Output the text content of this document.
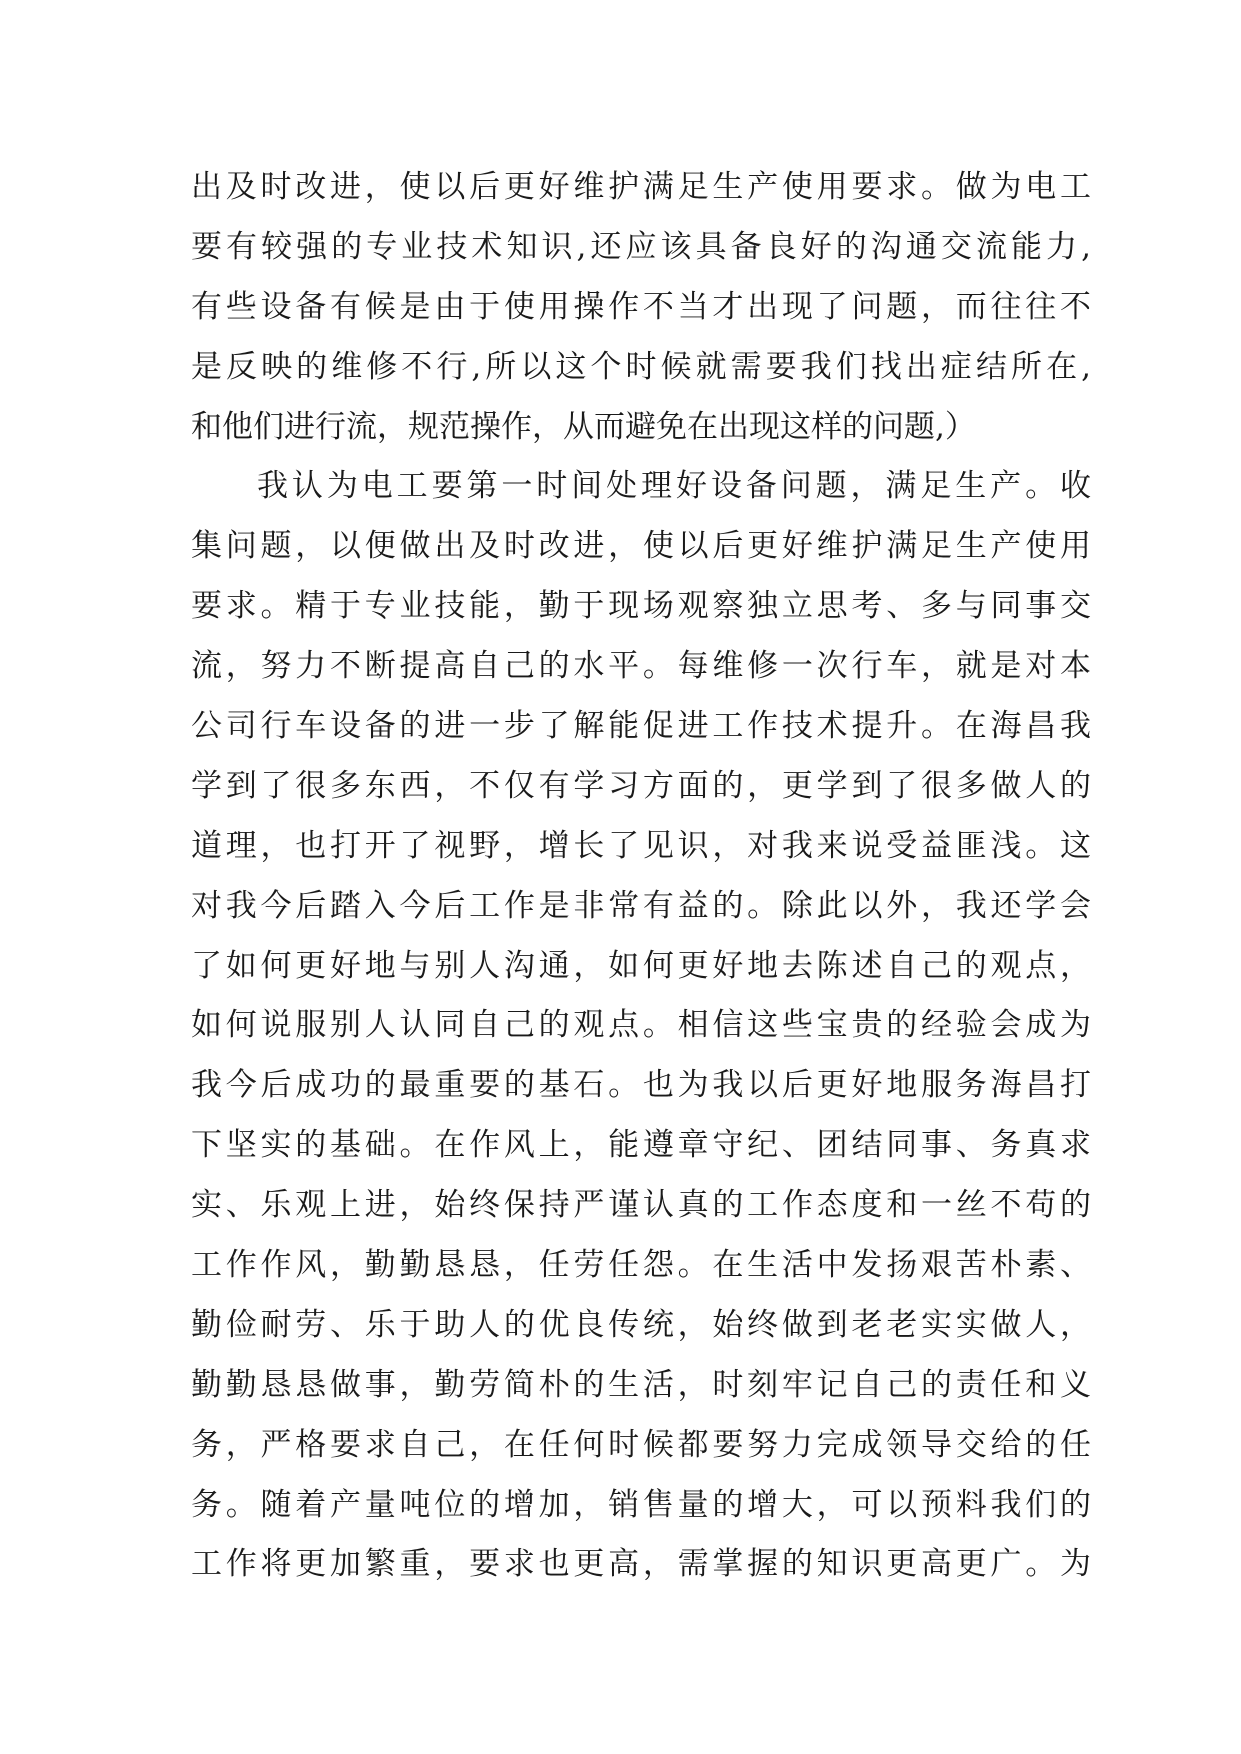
出及时改进，使以后更好维护满足生产使用要求。做为电工
要有较强的专业技术知识,还应该具备良好的沟通交流能力,
有些设备有候是由于使用操作不当才出现了问题，而往往不
是反映的维修不行,所以这个时候就需要我们找出症结所在,
和他们进行流，规范操作，从而避免在出现这样的问题,）
我认为电工要第一时间处理好设备问题，满足生产。收
集问题，以便做出及时改进，使以后更好维护满足生产使用
要求。精于专业技能，勤于现场观察独立思考、多与同事交
流，努力不断提高自己的水平。每维修一次行车，就是对本
公司行车设备的进一步了解能促进工作技术提升。在海昌我
学到了很多东西，不仅有学习方面的，更学到了很多做人的
道理，也打开了视野，增长了见识，对我来说受益匪浅。这
对我今后踏入今后工作是非常有益的。除此以外，我还学会
了如何更好地与别人沟通，如何更好地去陈述自己的观点，
如何说服别人认同自己的观点。相信这些宝贵的经验会成为
我今后成功的最重要的基石。也为我以后更好地服务海昌打
下坚实的基础。在作风上，能遵章守纪、团结同事、务真求
实、乐观上进，始终保持严谨认真的工作态度和一丝不苟的
工作作风，勤勤恳恳，任劳任怨。在生活中发扬艰苦朴素、
勤俭耐劳、乐于助人的优良传统，始终做到老老实实做人，
勤勤恳恳做事，勤劳简朴的生活，时刻牢记自己的责任和义
务，严格要求自己，在任何时候都要努力完成领导交给的任
务。随着产量吨位的增加，销售量的增大，可以预料我们的
工作将更加繁重，要求也更高，需掌握的知识更高更广。为
